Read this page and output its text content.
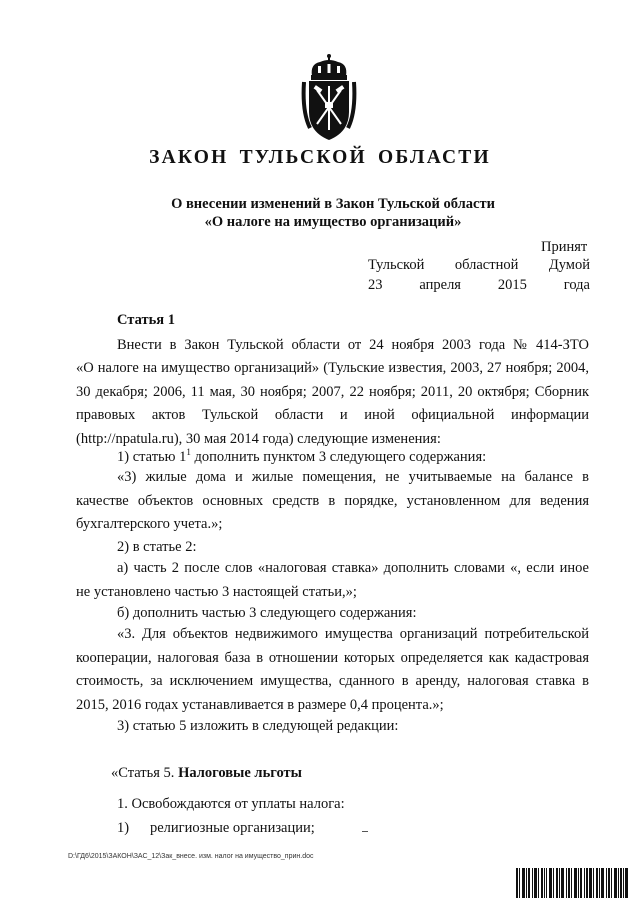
ЗАКОН ТУЛЬСКОЙ ОБЛАСТИ
О внесении изменений в Закон Тульской области
«О налоге на имущество организаций»
Принят
Тульской областной Думой
23	апреля	2015	года
Статья 1
Внести в Закон Тульской области от 24 ноября 2003 года № 414-ЗТО
«О налоге на имущество организаций» (Тульские известия, 2003, 27 ноября; 2004, 30 декабря; 2006, 11 мая, 30 ноября; 2007, 22 ноября; 2011, 20 октября; Сборник правовых актов Тульской области и иной официальной информации (http://npatula.ru), 30 мая 2014 года) следующие изменения:
1) статью $1^1$ дополнить пунктом 3 следующего содержания:
«3) жилые дома и жилые помещения, не учитываемые на балансе в качестве объектов основных средств в порядке, установленном для ведения бухгалтерского учета.»;
2) в статье 2:
а) часть 2 после слов «налоговая ставка» дополнить словами «, если иное не установлено частью 3 настоящей статьи,»;
б) дополнить частью 3 следующего содержания:
«3. Для объектов недвижимого имущества организаций потребительской кооперации, налоговая база в отношении которых определяется как кадастровая стоимость, за исключением имущества, сданного в аренду, налоговая ставка в 2015, 2016 годах устанавливается в размере 0,4 процента.»;
3) статью 5 изложить в следующей редакции:
«Статья 5. Налоговые льготы
1. Освобождаются от уплаты налога:
1) религиозные организации;
D:\ГД6\2015\ЗАКОН\ЗАС_12\Зак_внесе. изм. налог на имущество_прин.doc
